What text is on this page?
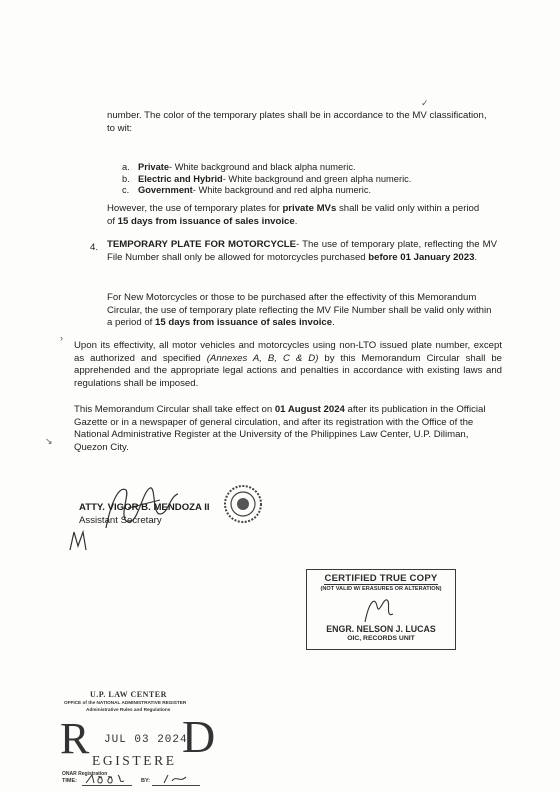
✓

number. The color of the temporary plates shall be in accordance to the MV classification, to wit:

a. Private- White background and black alpha numeric.
b. Electric and Hybrid- White background and green alpha numeric.
c. Government- White background and red alpha numeric.

However, the use of temporary plates for private MVs shall be valid only within a period of 15 days from issuance of sales invoice.

4. TEMPORARY PLATE FOR MOTORCYCLE- The use of temporary plate, reflecting the MV File Number shall only be allowed for motorcycles purchased before 01 January 2023.

For New Motorcycles or those to be purchased after the effectivity of this Memorandum Circular, the use of temporary plate reflecting the MV File Number shall be valid only within a period of 15 days from issuance of sales invoice.

›

Upon its effectivity, all motor vehicles and motorcycles using non-LTO issued plate number, except as authorized and specified (Annexes A, B, C & D) by this Memorandum Circular shall be apprehended and the appropriate legal actions and penalties in accordance with existing laws and regulations shall be imposed.

This Memorandum Circular shall take effect on 01 August 2024 after its publication in the Official Gazette or in a newspaper of general circulation, and after its registration with the Office of the National Administrative Register at the University of the Philippines Law Center, U.P. Diliman, Quezon City.

↘
ATTY. VIGOR B. MENDOZA II
Assistant Secretary
CERTIFIED TRUE COPY
(NOT VALID W/ ERASURES OR ALTERATION)
ENGR. NELSON J. LUCAS
OIC, RECORDS UNIT
U.P. LAW CENTER
OFFICE of the NATIONAL ADMINISTRATIVE REGISTER
Administrative Rules and Regulations
R JUL 03 2024
EGISTERE D
ONAR Registration
TIME:	BY:
